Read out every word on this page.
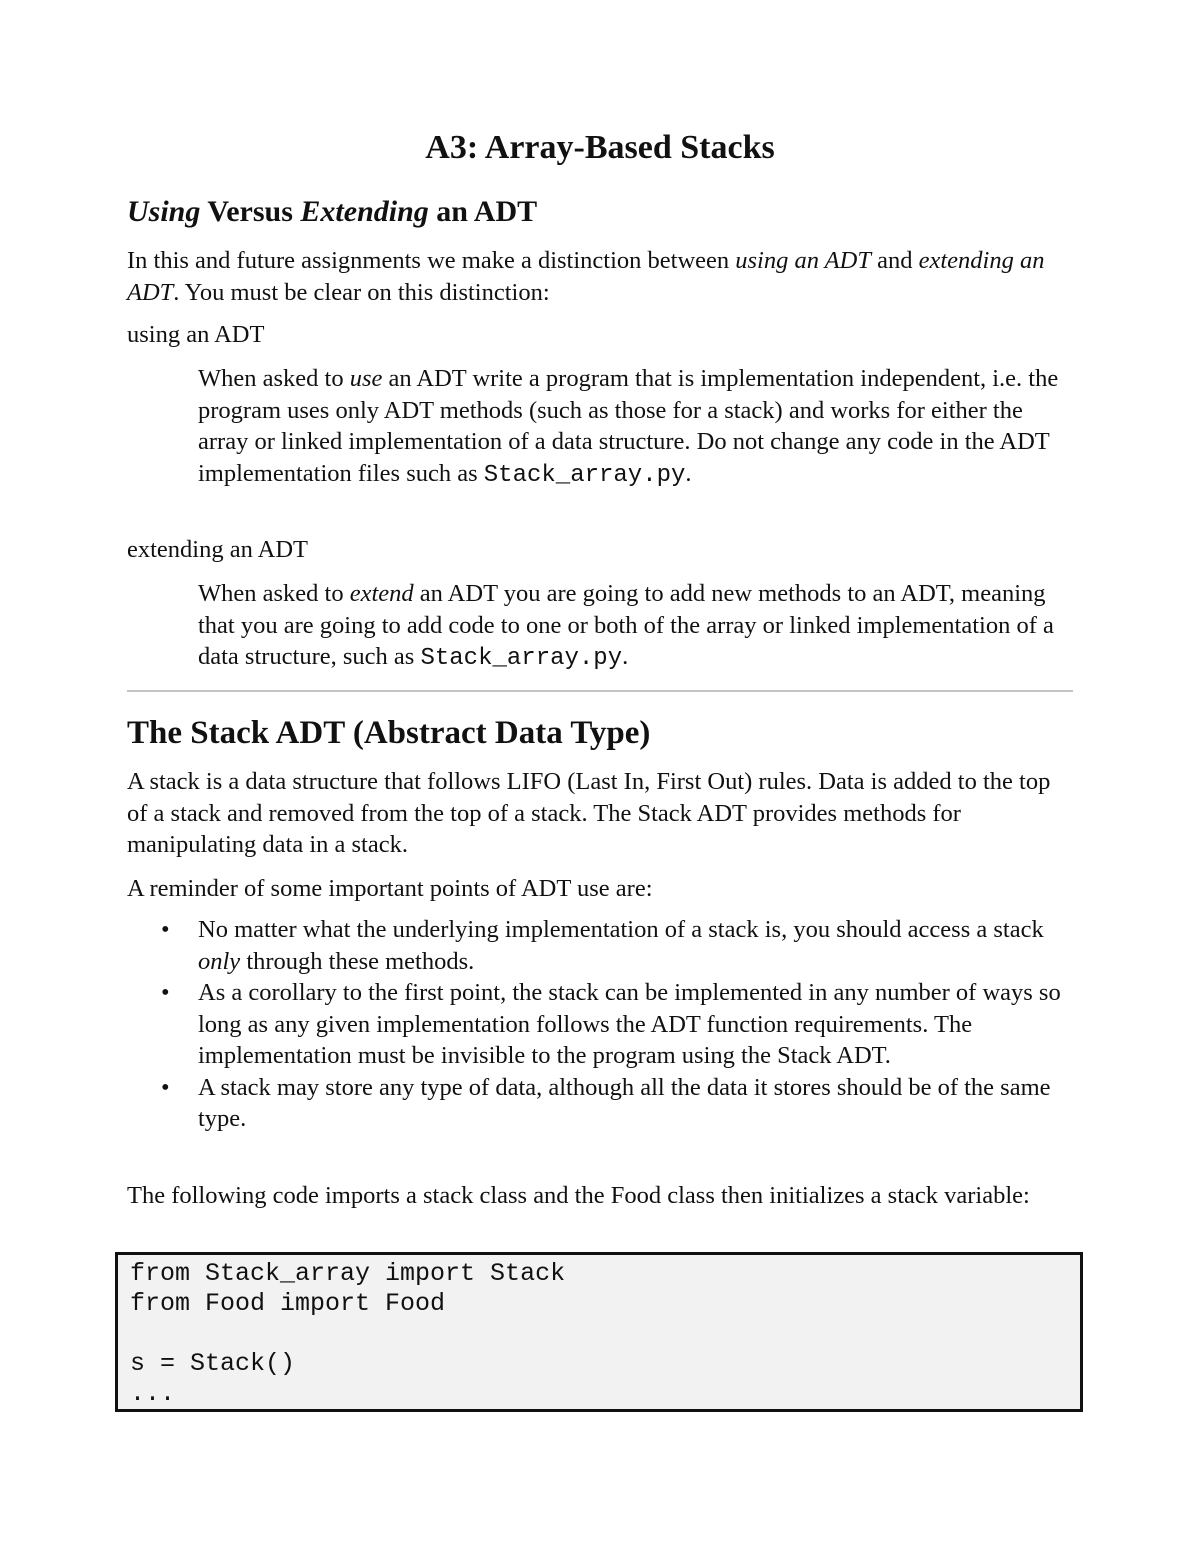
A3: Array-Based Stacks
Using Versus Extending an ADT

In this and future assignments we make a distinction between using an ADT and extending an ADT. You must be clear on this distinction:

using an ADT

When asked to use an ADT write a program that is implementation independent, i.e. the program uses only ADT methods (such as those for a stack) and works for either the array or linked implementation of a data structure. Do not change any code in the ADT implementation files such as Stack_array.py.

extending an ADT

When asked to extend an ADT you are going to add new methods to an ADT, meaning that you are going to add code to one or both of the array or linked implementation of a data structure, such as Stack_array.py.

The Stack ADT (Abstract Data Type)

A stack is a data structure that follows LIFO (Last In, First Out) rules. Data is added to the top of a stack and removed from the top of a stack. The Stack ADT provides methods for manipulating data in a stack.

A reminder of some important points of ADT use are:

• No matter what the underlying implementation of a stack is, you should access a stack only through these methods.
• As a corollary to the first point, the stack can be implemented in any number of ways so long as any given implementation follows the ADT function requirements. The implementation must be invisible to the program using the Stack ADT.
• A stack may store any type of data, although all the data it stores should be of the same type.

The following code imports a stack class and the Food class then initializes a stack variable:

from Stack_array import Stack
from Food import Food
s = Stack()
...
